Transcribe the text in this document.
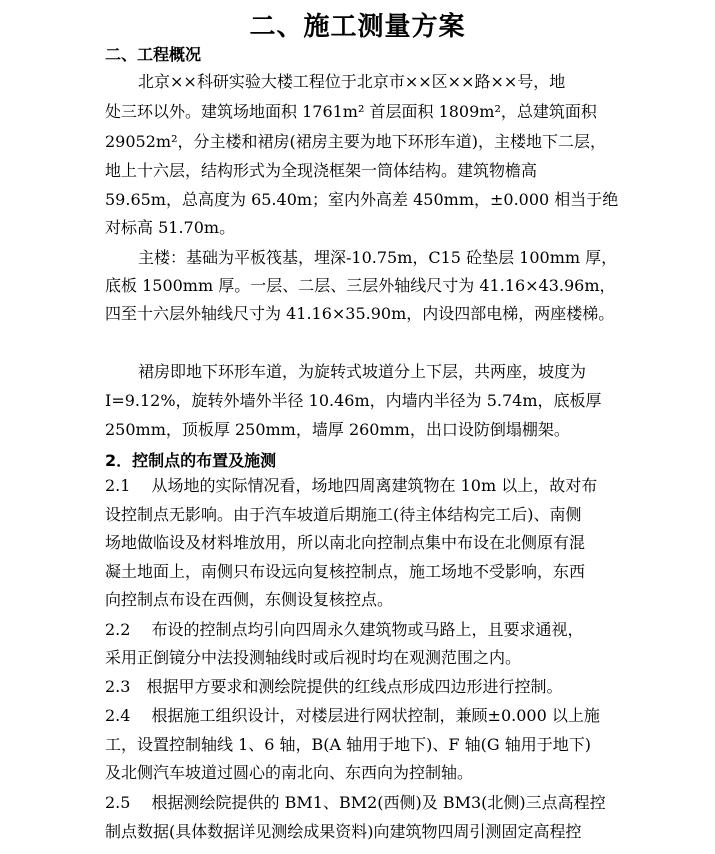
二、施工测量方案
二、工程概况
北京××科研实验大楼工程位于北京市××区××路××号，地
处三环以外。建筑场地面积 1761m² 首层面积 1809m²，总建筑面积
29052m²，分主楼和裙房(裙房主要为地下环形车道)，主楼地下二层，
地上十六层，结构形式为全现浇框架一筒体结构。建筑物檐高
59.65m，总高度为 65.40m；室内外高差 450mm，±0.000 相当于绝
对标高 51.70m。
主楼：基础为平板筏基，埋深-10.75m，C15 砼垫层 100mm 厚，
底板 1500mm 厚。一层、二层、三层外轴线尺寸为 41.16×43.96m，
四至十六层外轴线尺寸为 41.16×35.90m，内设四部电梯，两座楼梯。
裙房即地下环形车道，为旋转式坡道分上下层，共两座，坡度为
I=9.12%，旋转外墙外半径 10.46m，内墙内半径为 5.74m，底板厚
250mm，顶板厚 250mm，墙厚 260mm，出口设防倒塌棚架。
2．控制点的布置及施测
2.1　 从场地的实际情况看，场地四周离建筑物在 10m 以上，故对布
设控制点无影响。由于汽车坡道后期施工(待主体结构完工后)、南侧
场地做临设及材料堆放用，所以南北向控制点集中布设在北侧原有混
凝土地面上，南侧只布设远向复核控制点，施工场地不受影响，东西
向控制点布设在西侧，东侧设复核控点。
2.2　 布设的控制点均引向四周永久建筑物或马路上，且要求通视，
采用正倒镜分中法投测轴线时或后视时均在观测范围之内。
2.3　根据甲方要求和测绘院提供的红线点形成四边形进行控制。
2.4　 根据施工组织设计，对楼层进行网状控制，兼顾±0.000 以上施
工，设置控制轴线 1、6 轴，B(A 轴用于地下)、F 轴(G 轴用于地下)
及北侧汽车坡道过圆心的南北向、东西向为控制轴。
2.5　 根据测绘院提供的 BM1、BM2(西侧)及 BM3(北侧)三点高程控
制点数据(具体数据详见测绘成果资料)向建筑物四周引测固定高程控
